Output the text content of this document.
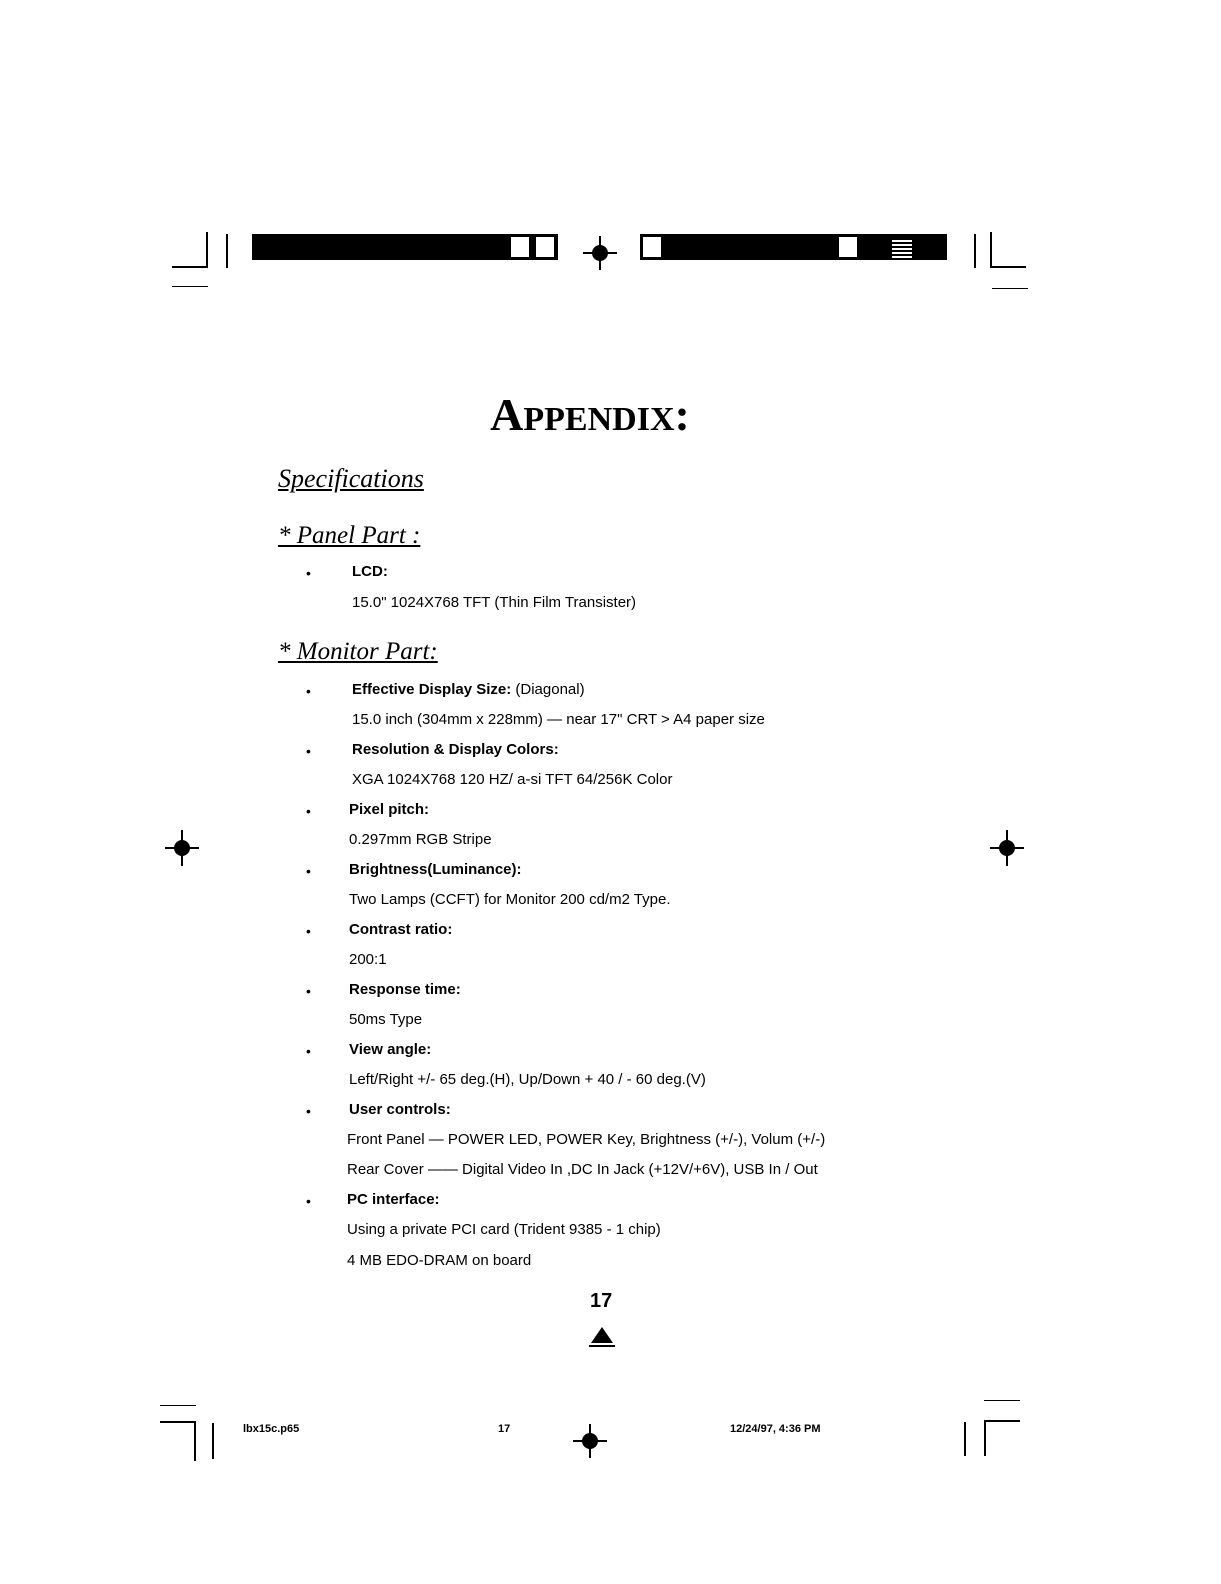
APPENDIX:
Specifications
* Panel Part :
•	LCD:
15.0" 1024X768 TFT (Thin Film Transister)
* Monitor Part:
•	Effective Display Size: (Diagonal)
15.0 inch (304mm x 228mm) — near 17" CRT > A4 paper size
•	Resolution & Display Colors:
XGA 1024X768 120 HZ/ a-si TFT 64/256K Color
•	Pixel pitch:
0.297mm RGB Stripe
•	Brightness(Luminance):
Two Lamps (CCFT) for Monitor 200 cd/m2 Type.
•	Contrast ratio:
200:1
•	Response time:
50ms Type
•	View angle:
Left/Right +/- 65 deg.(H), Up/Down + 40 / - 60 deg.(V)
•	User controls:
Front Panel — POWER LED, POWER Key, Brightness (+/-), Volum (+/-)
Rear Cover —— Digital Video In ,DC In Jack (+12V/+6V), USB In / Out
• PC interface:
Using a private PCI card (Trident 9385 - 1 chip)
4 MB EDO-DRAM on board
17
lbx15c.p65	17	12/24/97, 4:36 PM
